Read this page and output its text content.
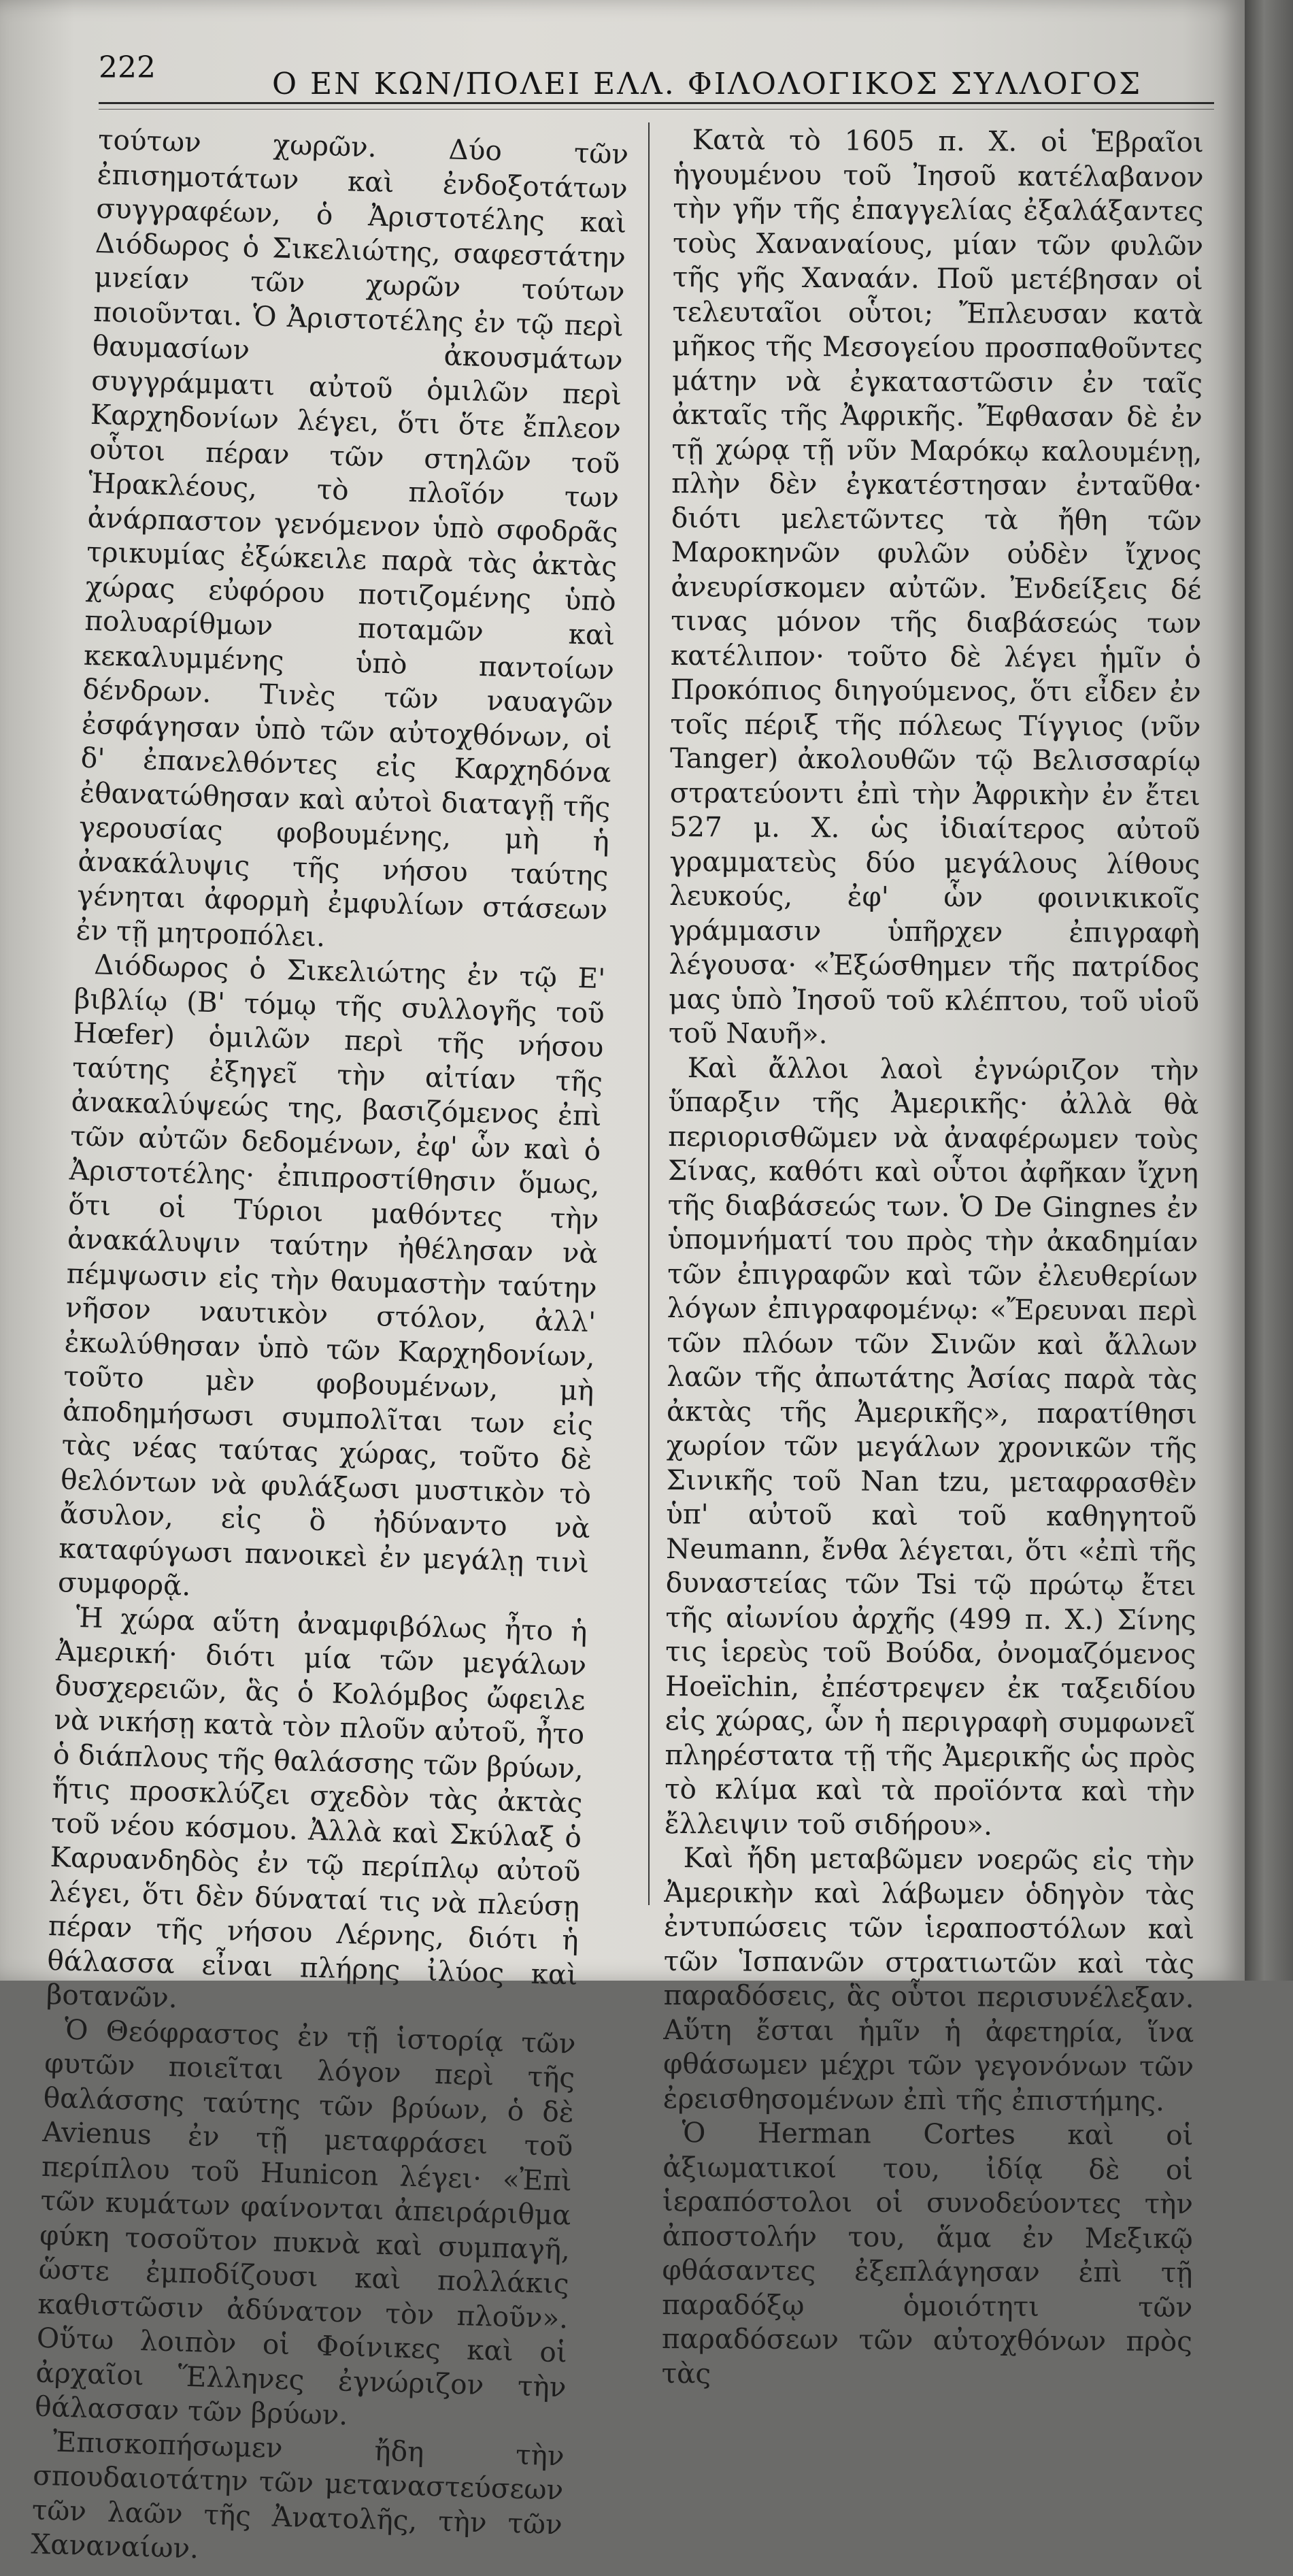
222	Ο ΕΝ ΚΩΝ/ΠΟΛΕΙ ΕΛΛ. ΦΙΛΟΛΟΓΙΚΟΣ ΣΥΛΛΟΓΟΣ

τούτων χωρῶν. Δύο τῶν ἐπισημοτάτων καὶ ἐνδοξοτάτων συγγραφέων, ὁ Ἀριστοτέλης καὶ Διόδωρος ὁ Σικελιώτης, σαφεστάτην μνείαν τῶν χωρῶν τούτων ποιοῦνται. Ὁ Ἀριστοτέλης ἐν τῷ περὶ θαυμασίων ἀκουσμάτων συγγράμματι αὐτοῦ ὁμιλῶν περὶ Καρχηδονίων λέγει, ὅτι ὅτε ἔπλεον οὗτοι πέραν τῶν στηλῶν τοῦ Ἡρακλέους, τὸ πλοῖόν των ἀνάρπαστον γενόμενον ὑπὸ σφοδρᾶς τρικυμίας ἐξώκειλε παρὰ τὰς ἀκτὰς χώρας εὐφόρου ποτιζομένης ὑπὸ πολυαρίθμων ποταμῶν καὶ κεκαλυμμένης ὑπὸ παντοίων δένδρων. Τινὲς τῶν ναυαγῶν ἐσφάγησαν ὑπὸ τῶν αὐτοχθόνων, οἱ δ' ἐπανελθόντες εἰς Καρχηδόνα ἐθανατώθησαν καὶ αὐτοὶ διαταγῇ τῆς γερουσίας φοβουμένης, μὴ ἡ ἀνακάλυψις τῆς νήσου ταύτης γένηται ἀφορμὴ ἐμφυλίων στάσεων ἐν τῇ μητροπόλει.

Διόδωρος ὁ Σικελιώτης ἐν τῷ Ε' βιβλίῳ (Β' τόμῳ τῆς συλλογῆς τοῦ Hœfer) ὁμιλῶν περὶ τῆς νήσου ταύτης ἐξηγεῖ τὴν αἰτίαν τῆς ἀνακαλύψεώς της, βασιζόμενος ἐπὶ τῶν αὐτῶν δεδομένων, ἐφ' ὧν καὶ ὁ Ἀριστοτέλης· ἐπιπροστίθησιν ὅμως, ὅτι οἱ Τύριοι μαθόντες τὴν ἀνακάλυψιν ταύτην ἠθέλησαν νὰ πέμψωσιν εἰς τὴν θαυμαστὴν ταύτην νῆσον ναυτικὸν στόλον, ἀλλ' ἐκωλύθησαν ὑπὸ τῶν Καρχηδονίων, τοῦτο μὲν φοβουμένων, μὴ ἀποδημήσωσι συμπολῖται των εἰς τὰς νέας ταύτας χώρας, τοῦτο δὲ θελόντων νὰ φυλάξωσι μυστικὸν τὸ ἄσυλον, εἰς ὃ ἠδύναντο νὰ καταφύγωσι πανοικεὶ ἐν μεγάλῃ τινὶ συμφορᾷ.

Ἡ χώρα αὕτη ἀναμφιβόλως ἦτο ἡ Ἀμερική· διότι μία τῶν μεγάλων δυσχερειῶν, ἃς ὁ Κολόμβος ὤφειλε νὰ νικήσῃ κατὰ τὸν πλοῦν αὐτοῦ, ἦτο ὁ διάπλους τῆς θαλάσσης τῶν βρύων, ἥτις προσκλύζει σχεδὸν τὰς ἀκτὰς τοῦ νέου κόσμου. Ἀλλὰ καὶ Σκύλαξ ὁ Καρυανδηδὸς ἐν τῷ περίπλῳ αὐτοῦ λέγει, ὅτι δὲν δύναταί τις νὰ πλεύσῃ πέραν τῆς νήσου Λέρνης, διότι ἡ θάλασσα εἶναι πλήρης ἰλύος καὶ βοτανῶν.

Ὁ Θεόφραστος ἐν τῇ ἱστορίᾳ τῶν φυτῶν ποιεῖται λόγον περὶ τῆς θαλάσσης ταύτης τῶν βρύων, ὁ δὲ Avienus ἐν τῇ μεταφράσει τοῦ περίπλου τοῦ Hunicon λέγει· «Ἐπὶ τῶν κυμάτων φαίνονται ἀπειράριθμα φύκη τοσοῦτον πυκνὰ καὶ συμπαγῆ, ὥστε ἐμποδίζουσι καὶ πολλάκις καθιστῶσιν ἀδύνατον τὸν πλοῦν». Οὕτω λοιπὸν οἱ Φοίνικες καὶ οἱ ἀρχαῖοι Ἕλληνες ἐγνώριζον τὴν θάλασσαν τῶν βρύων.

Ἐπισκοπήσωμεν ἤδη τὴν σπουδαιοτάτην τῶν μεταναστεύσεων τῶν λαῶν τῆς Ἀνατολῆς, τὴν τῶν Χαναναίων.

Κατὰ τὸ 1605 π. Χ. οἱ Ἑβραῖοι ἡγουμένου τοῦ Ἰησοῦ κατέλαβανον τὴν γῆν τῆς ἐπαγγελίας ἐξαλάξαντες τοὺς Χαναναίους, μίαν τῶν φυλῶν τῆς γῆς Χαναάν. Ποῦ μετέβησαν οἱ τελευταῖοι οὗτοι; Ἔπλευσαν κατὰ μῆκος τῆς Μεσογείου προσπαθοῦντες μάτην νὰ ἐγκαταστῶσιν ἐν ταῖς ἀκταῖς τῆς Ἀφρικῆς. Ἔφθασαν δὲ ἐν τῇ χώρᾳ τῇ νῦν Μαρόκῳ καλουμένῃ, πλὴν δὲν ἐγκατέστησαν ἐνταῦθα· διότι μελετῶντες τὰ ἤθη τῶν Μαροκηνῶν φυλῶν οὐδὲν ἴχνος ἀνευρίσκομεν αὐτῶν. Ἐνδείξεις δέ τινας μόνον τῆς διαβάσεώς των κατέλιπον· τοῦτο δὲ λέγει ἡμῖν ὁ Προκόπιος διηγούμενος, ὅτι εἶδεν ἐν τοῖς πέριξ τῆς πόλεως Τίγγιος (νῦν Tanger) ἀκολουθῶν τῷ Βελισσαρίῳ στρατεύοντι ἐπὶ τὴν Ἀφρικὴν ἐν ἔτει 527 μ. Χ. ὡς ἰδιαίτερος αὐτοῦ γραμματεὺς δύο μεγάλους λίθους λευκούς, ἐφ' ὧν φοινικικοῖς γράμμασιν ὑπῆρχεν ἐπιγραφὴ λέγουσα· «Ἐξώσθημεν τῆς πατρίδος μας ὑπὸ Ἰησοῦ τοῦ κλέπτου, τοῦ υἱοῦ τοῦ Ναυῆ».

Καὶ ἄλλοι λαοὶ ἐγνώριζον τὴν ὕπαρξιν τῆς Ἀμερικῆς· ἀλλὰ θὰ περιορισθῶμεν νὰ ἀναφέρωμεν τοὺς Σίνας, καθότι καὶ οὗτοι ἀφῆκαν ἴχνη τῆς διαβάσεώς των. Ὁ De Gingnes ἐν ὑπομνήματί του πρὸς τὴν ἀκαδημίαν τῶν ἐπιγραφῶν καὶ τῶν ἐλευθερίων λόγων ἐπιγραφομένῳ: «Ἔρευναι περὶ τῶν πλόων τῶν Σινῶν καὶ ἄλλων λαῶν τῆς ἀπωτάτης Ἀσίας παρὰ τὰς ἀκτὰς τῆς Ἀμερικῆς», παρατίθησι χωρίον τῶν μεγάλων χρονικῶν τῆς Σινικῆς τοῦ Nan tzu, μεταφρασθὲν ὑπ' αὐτοῦ καὶ τοῦ καθηγητοῦ Neumann, ἔνθα λέγεται, ὅτι «ἐπὶ τῆς δυναστείας τῶν Tsi τῷ πρώτῳ ἔτει τῆς αἰωνίου ἀρχῆς (499 π. Χ.) Σίνης τις ἱερεὺς τοῦ Βούδα, ὀνομαζόμενος Hoeïchin, ἐπέστρεψεν ἐκ ταξειδίου εἰς χώρας, ὧν ἡ περιγραφὴ συμφωνεῖ πληρέστατα τῇ τῆς Ἀμερικῆς ὡς πρὸς τὸ κλίμα καὶ τὰ προϊόντα καὶ τὴν ἔλλειψιν τοῦ σιδήρου».

Καὶ ἤδη μεταβῶμεν νοερῶς εἰς τὴν Ἀμερικὴν καὶ λάβωμεν ὁδηγὸν τὰς ἐντυπώσεις τῶν ἱεραποστόλων καὶ τῶν Ἱσπανῶν στρατιωτῶν καὶ τὰς παραδόσεις, ἃς οὗτοι περισυνέλεξαν. Αὕτη ἔσται ἡμῖν ἡ ἀφετηρία, ἵνα φθάσωμεν μέχρι τῶν γεγονόνων τῶν ἐρεισθησομένων ἐπὶ τῆς ἐπιστήμης.

Ὁ Herman Cortes καὶ οἱ ἀξιωματικοί του, ἰδίᾳ δὲ οἱ ἱεραπόστολοι οἱ συνοδεύοντες τὴν ἀποστολήν του, ἅμα ἐν Μεξικῷ φθάσαντες ἐξεπλάγησαν ἐπὶ τῇ παραδόξῳ ὁμοιότητι τῶν παραδόσεων τῶν αὐτοχθόνων πρὸς τὰς
